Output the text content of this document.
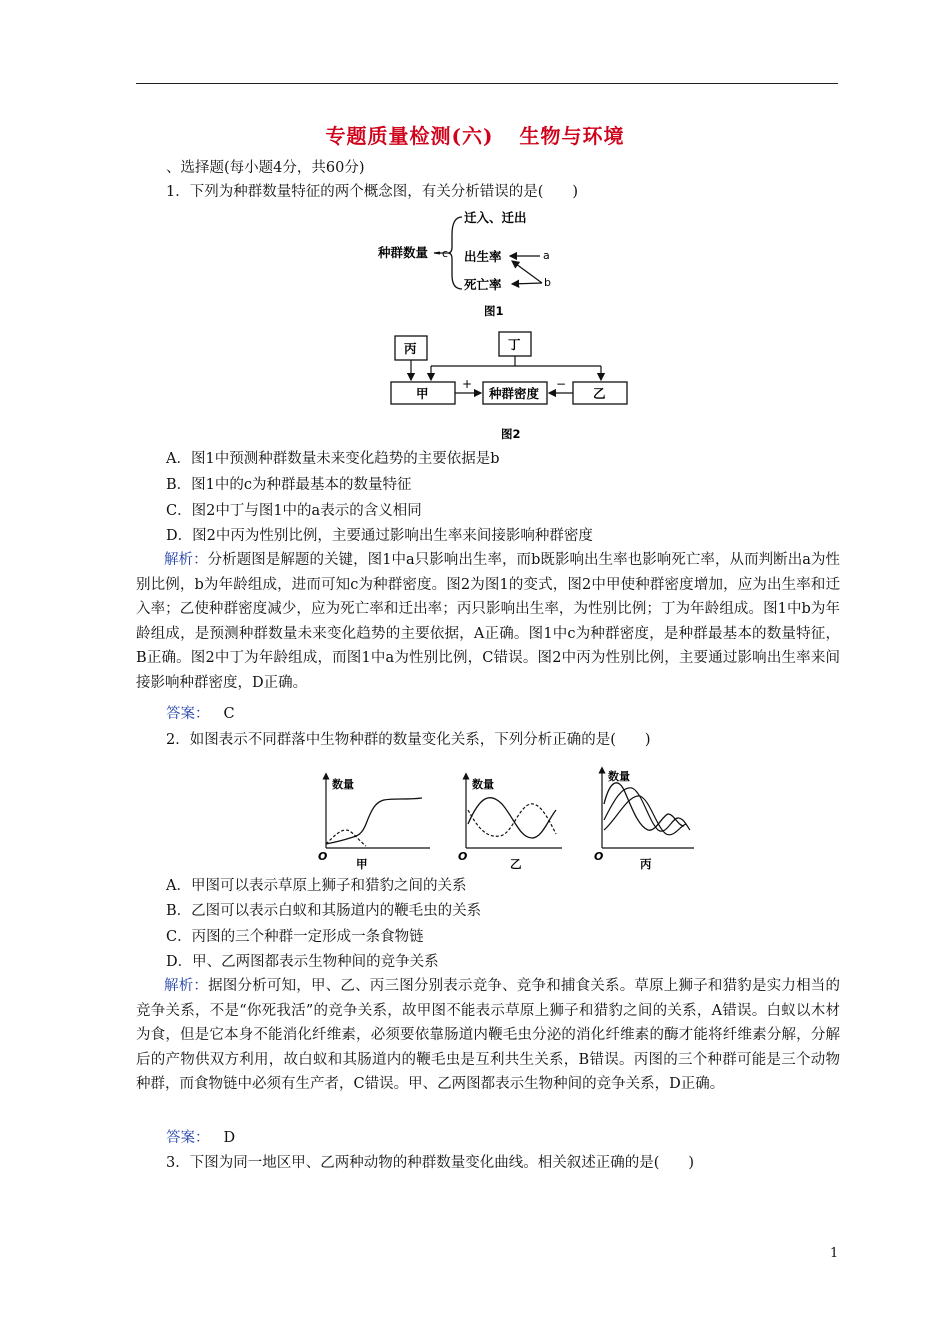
专题质量检测(六) 生物与环境
、选择题(每小题4分，共60分)
1．下列为种群数量特征的两个概念图，有关分析错误的是(　　)
种群数量 c
迁入、迁出
出生率
死亡率
a
b
图1
丙	丁
甲	种群密度	乙
+	−
图2
A．图1中预测种群数量未来变化趋势的主要依据是b
B．图1中的c为种群最基本的数量特征
C．图2中丁与图1中的a表示的含义相同
D．图2中丙为性别比例，主要通过影响出生率来间接影响种群密度
解析：分析题图是解题的关键，图1中a只影响出生率，而b既影响出生率也影响死亡率，从而判断出a为性别比例，b为年龄组成，进而可知c为种群密度。图2为图1的变式，图2中甲使种群密度增加，应为出生率和迁入率；乙使种群密度减少，应为死亡率和迁出率；丙只影响出生率，为性别比例；丁为年龄组成。图1中b为年龄组成，是预测种群数量未来变化趋势的主要依据，A正确。图1中c为种群密度，是种群最基本的数量特征，B正确。图2中丁为年龄组成，而图1中a为性别比例，C错误。图2中丙为性别比例，主要通过影响出生率来间接影响种群密度，D正确。
答案： C
2．如图表示不同群落中生物种群的数量变化关系，下列分析正确的是(　　)
数量
O
甲
数量
O
乙
数量
O
丙
A．甲图可以表示草原上狮子和猎豹之间的关系
B．乙图可以表示白蚁和其肠道内的鞭毛虫的关系
C．丙图的三个种群一定形成一条食物链
D．甲、乙两图都表示生物种间的竞争关系
解析：据图分析可知，甲、乙、丙三图分别表示竞争、竞争和捕食关系。草原上狮子和猎豹是实力相当的竞争关系，不是“你死我活”的竞争关系，故甲图不能表示草原上狮子和猎豹之间的关系，A错误。白蚁以木材为食，但是它本身不能消化纤维素，必须要依靠肠道内鞭毛虫分泌的消化纤维素的酶才能将纤维素分解，分解后的产物供双方利用，故白蚁和其肠道内的鞭毛虫是互利共生关系，B错误。丙图的三个种群可能是三个动物种群，而食物链中必须有生产者，C错误。甲、乙两图都表示生物种间的竞争关系，D正确。
答案： D
3．下图为同一地区甲、乙两种动物的种群数量变化曲线。相关叙述正确的是(　　)
1
